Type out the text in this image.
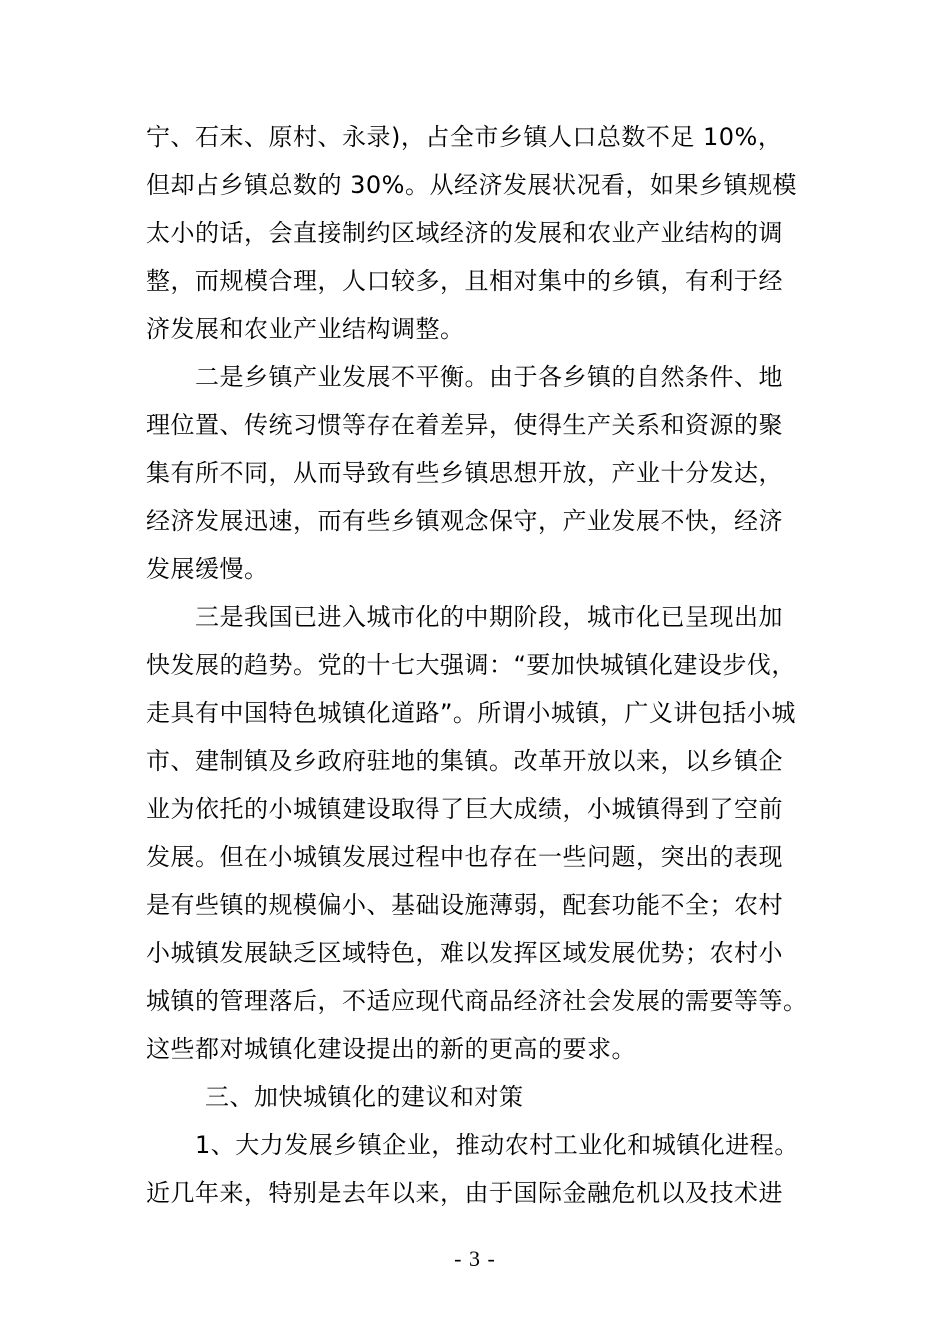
宁、石末、原村、永录)，占全市乡镇人口总数不足 10%，
但却占乡镇总数的 30%。从经济发展状况看，如果乡镇规模
太小的话，会直接制约区域经济的发展和农业产业结构的调
整，而规模合理，人口较多，且相对集中的乡镇，有利于经
济发展和农业产业结构调整。
二是乡镇产业发展不平衡。由于各乡镇的自然条件、地
理位置、传统习惯等存在着差异，使得生产关系和资源的聚
集有所不同，从而导致有些乡镇思想开放，产业十分发达，
经济发展迅速，而有些乡镇观念保守，产业发展不快，经济
发展缓慢。
三是我国已进入城市化的中期阶段，城市化已呈现出加
快发展的趋势。党的十七大强调：“要加快城镇化建设步伐，
走具有中国特色城镇化道路”。所谓小城镇，广义讲包括小城
市、建制镇及乡政府驻地的集镇。改革开放以来，以乡镇企
业为依托的小城镇建设取得了巨大成绩，小城镇得到了空前
发展。但在小城镇发展过程中也存在一些问题，突出的表现
是有些镇的规模偏小、基础设施薄弱，配套功能不全；农村
小城镇发展缺乏区域特色，难以发挥区域发展优势；农村小
城镇的管理落后，不适应现代商品经济社会发展的需要等等。
这些都对城镇化建设提出的新的更高的要求。
三、加快城镇化的建议和对策
1、大力发展乡镇企业，推动农村工业化和城镇化进程。
近几年来，特别是去年以来，由于国际金融危机以及技术进
- 3 -
